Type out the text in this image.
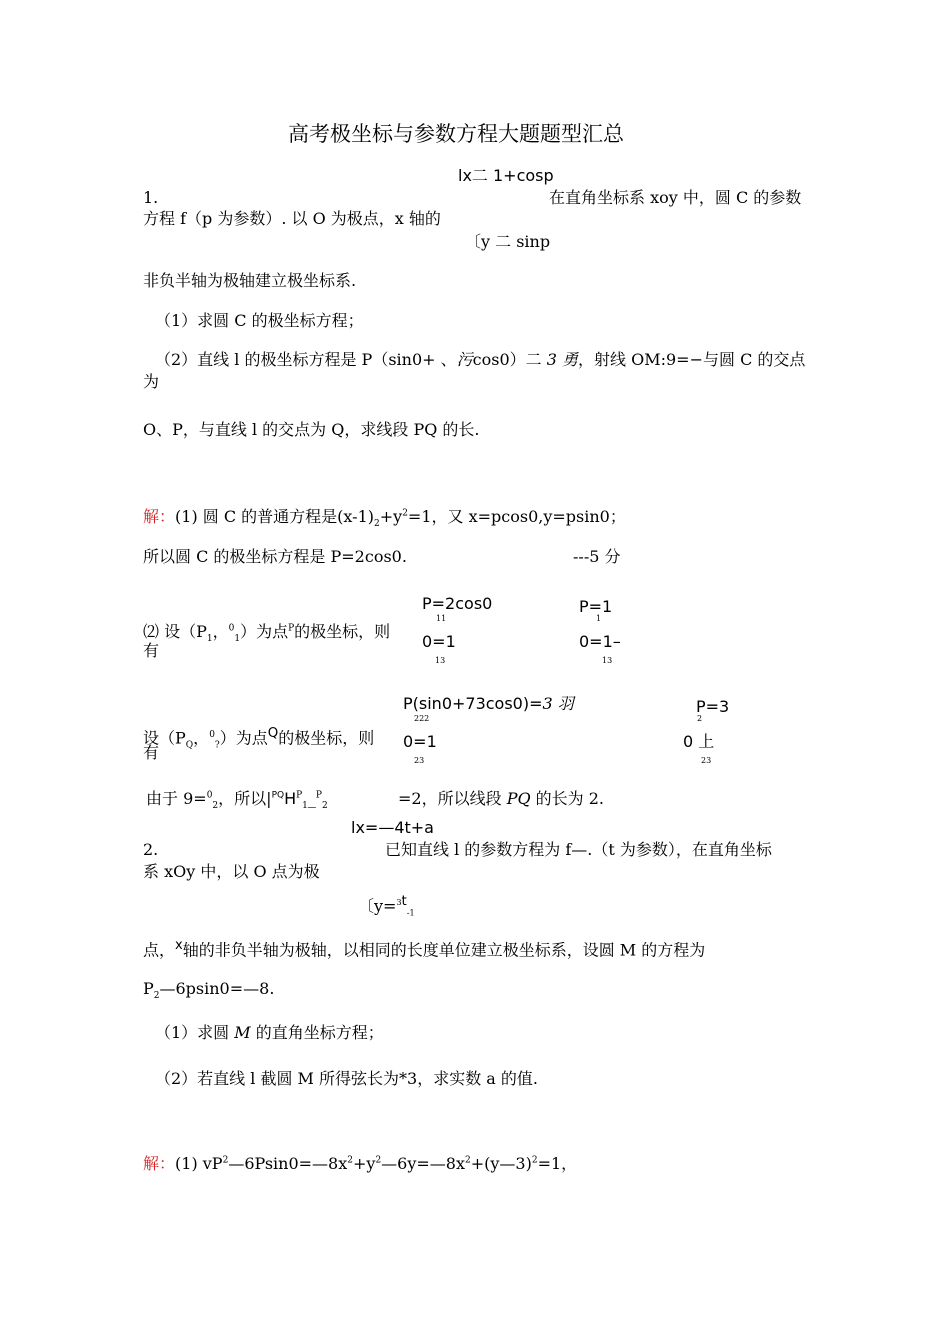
高考极坐标与参数方程大题题型汇总
lx二 1+cosp
1.	在直角坐标系 xoy 中，圆 C 的参数
方程 f（p 为参数）. 以 O 为极点，x 轴的
〔y 二 sinp
非负半轴为极轴建立极坐标系.
（1）求圆 C 的极坐标方程；
（2）直线 l 的极坐标方程是 P（sin0+ 、污cos0）二 3 勇，射线 OM:9=−与圆 C 的交点
为
O、P，与直线 l 的交点为 Q，求线段 PQ 的长.
解：(1) 圆 C 的普通方程是$(x-1)_2+y^2=1$，又 x=pcos0,y=psin0；
所以圆 C 的极坐标方程是 P=2cos0.	---5 分
P=2cos0
11
0=1
13
P=1
1
0=1–
13
⑵ 设（$P_1$，$^0_1$）为点$^P$的极坐标，则
有
P(sin0+73cos0)=3 羽
222
0=1
23
P=3
2
0 上
23
设（$P_Q$，$^0_?$）为点$^Q$的极坐标，则
有
由于 9=$^0_2$，所以$|^{PQ}H^P_1\_^P_2$	=2，所以线段 PQ 的长为 2.
lx=—4t+a
2.	已知直线 l 的参数方程为 f—.（t 为参数），在直角坐标
系 xOy 中，以 O 点为极
〔y=$^{3t}_{-1}$
点，$^x$轴的非负半轴为极轴，以相同的长度单位建立极坐标系，设圆 M 的方程为
$P_2—6psin0=—8$.
（1）求圆 M 的直角坐标方程；
（2）若直线 l 截圆 M 所得弦长为*3，求实数 a 的值.
解：(1) $vP^2—6Psin0=—8x^2+y^2—6y=—8x^2+(y—3)^2=1$，
